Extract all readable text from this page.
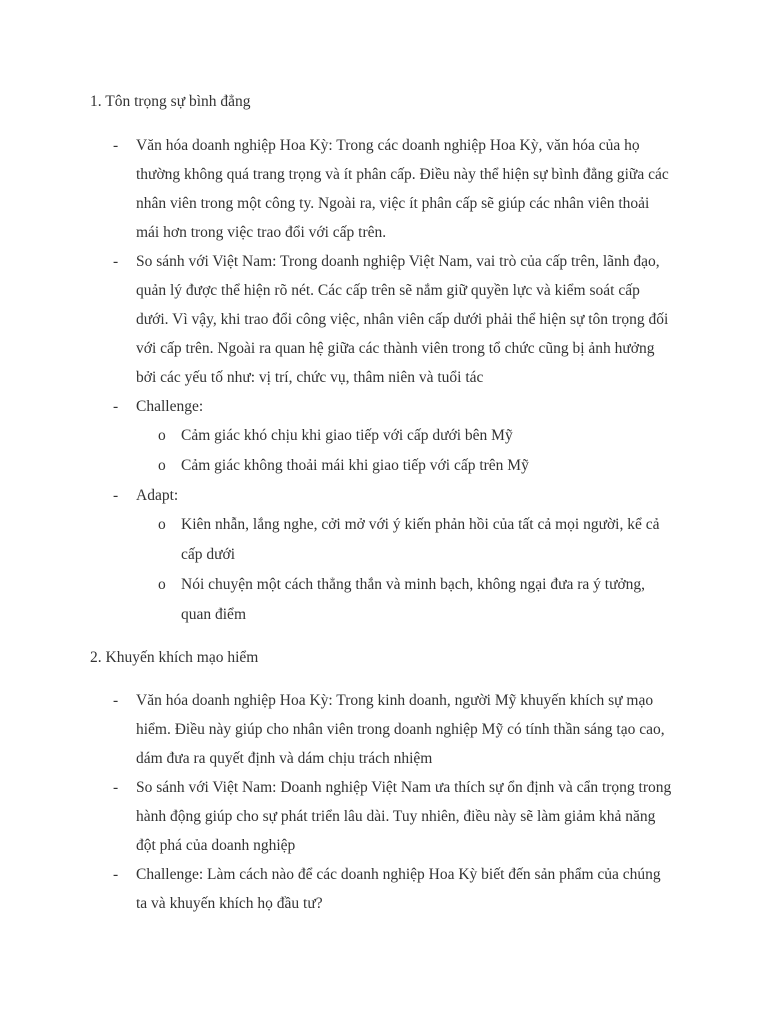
1. Tôn trọng sự bình đẳng
- Văn hóa doanh nghiệp Hoa Kỳ: Trong các doanh nghiệp Hoa Kỳ, văn hóa của họ thường không quá trang trọng và ít phân cấp. Điều này thể hiện sự bình đẳng giữa các nhân viên trong một công ty. Ngoài ra, việc ít phân cấp sẽ giúp các nhân viên thoải mái hơn trong việc trao đổi với cấp trên.
- So sánh với Việt Nam: Trong doanh nghiệp Việt Nam, vai trò của cấp trên, lãnh đạo, quản lý được thể hiện rõ nét. Các cấp trên sẽ nắm giữ quyền lực và kiểm soát cấp dưới. Vì vậy, khi trao đổi công việc, nhân viên cấp dưới phải thể hiện sự tôn trọng đối với cấp trên. Ngoài ra quan hệ giữa các thành viên trong tổ chức cũng bị ảnh hưởng bởi các yếu tố như: vị trí, chức vụ, thâm niên và tuổi tác
- Challenge:
o Cảm giác khó chịu khi giao tiếp với cấp dưới bên Mỹ
o Cảm giác không thoải mái khi giao tiếp với cấp trên Mỹ
- Adapt:
o Kiên nhẫn, lắng nghe, cởi mở với ý kiến phản hồi của tất cả mọi người, kể cả cấp dưới
o Nói chuyện một cách thẳng thắn và minh bạch, không ngại đưa ra ý tưởng, quan điểm
2. Khuyến khích mạo hiểm
- Văn hóa doanh nghiệp Hoa Kỳ: Trong kinh doanh, người Mỹ khuyến khích sự mạo hiểm. Điều này giúp cho nhân viên trong doanh nghiệp Mỹ có tính thần sáng tạo cao, dám đưa ra quyết định và dám chịu trách nhiệm
- So sánh với Việt Nam: Doanh nghiệp Việt Nam ưa thích sự ổn định và cẩn trọng trong hành động giúp cho sự phát triển lâu dài. Tuy nhiên, điều này sẽ làm giảm khả năng đột phá của doanh nghiệp
- Challenge: Làm cách nào để các doanh nghiệp Hoa Kỳ biết đến sản phẩm của chúng ta và khuyến khích họ đầu tư?
